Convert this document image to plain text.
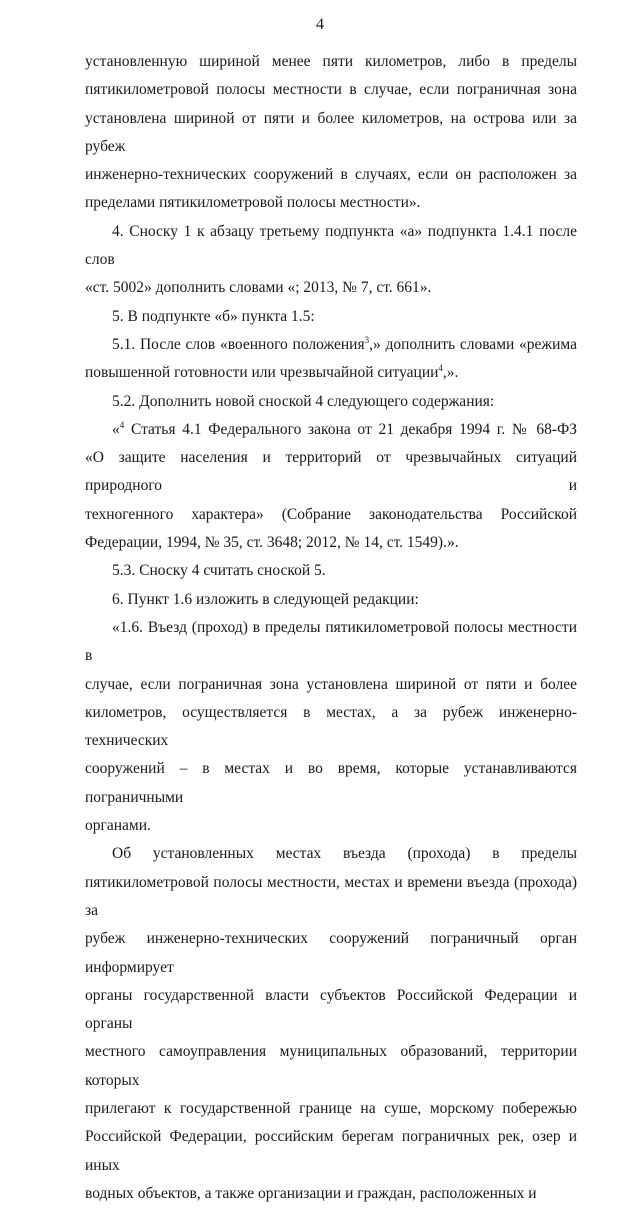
4

установленную шириной менее пяти километров, либо в пределы

пятикилометровой полосы местности в случае, если пограничная зона

установлена шириной от пяти и более километров, на острова или за рубеж

инженерно-технических сооружений в случаях, если он расположен за

пределами пятикилометровой полосы местности».

4. Сноску 1 к абзацу третьему подпункта «а» подпункта 1.4.1 после слов

«ст. 5002» дополнить словами «; 2013, № 7, ст. 661».

5. В подпункте «б» пункта 1.5:

5.1. После слов «военного положения$^3$,» дополнить словами «режима

повышенной готовности или чрезвычайной ситуации$^4$,».

5.2. Дополнить новой сноской 4 следующего содержания:

«$^4$ Статья 4.1 Федерального закона от 21 декабря 1994 г. № 68-ФЗ

«О защите населения и территорий от чрезвычайных ситуаций природного и

техногенного характера» (Собрание законодательства Российской

Федерации, 1994, № 35, ст. 3648; 2012, № 14, ст. 1549).».

5.3. Сноску 4 считать сноской 5.

6. Пункт 1.6 изложить в следующей редакции:

«1.6. Въезд (проход) в пределы пятикилометровой полосы местности в

случае, если пограничная зона установлена шириной от пяти и более

километров, осуществляется в местах, а за рубеж инженерно-технических

сооружений – в местах и во время, которые устанавливаются пограничными

органами.

Об установленных местах въезда (прохода) в пределы

пятикилометровой полосы местности, местах и времени въезда (прохода) за

рубеж инженерно-технических сооружений пограничный орган информирует

органы государственной власти субъектов Российской Федерации и органы

местного самоуправления муниципальных образований, территории которых

прилегают к государственной границе на суше, морскому побережью

Российской Федерации, российским берегам пограничных рек, озер и иных

водных объектов, а также организации и граждан, расположенных и
